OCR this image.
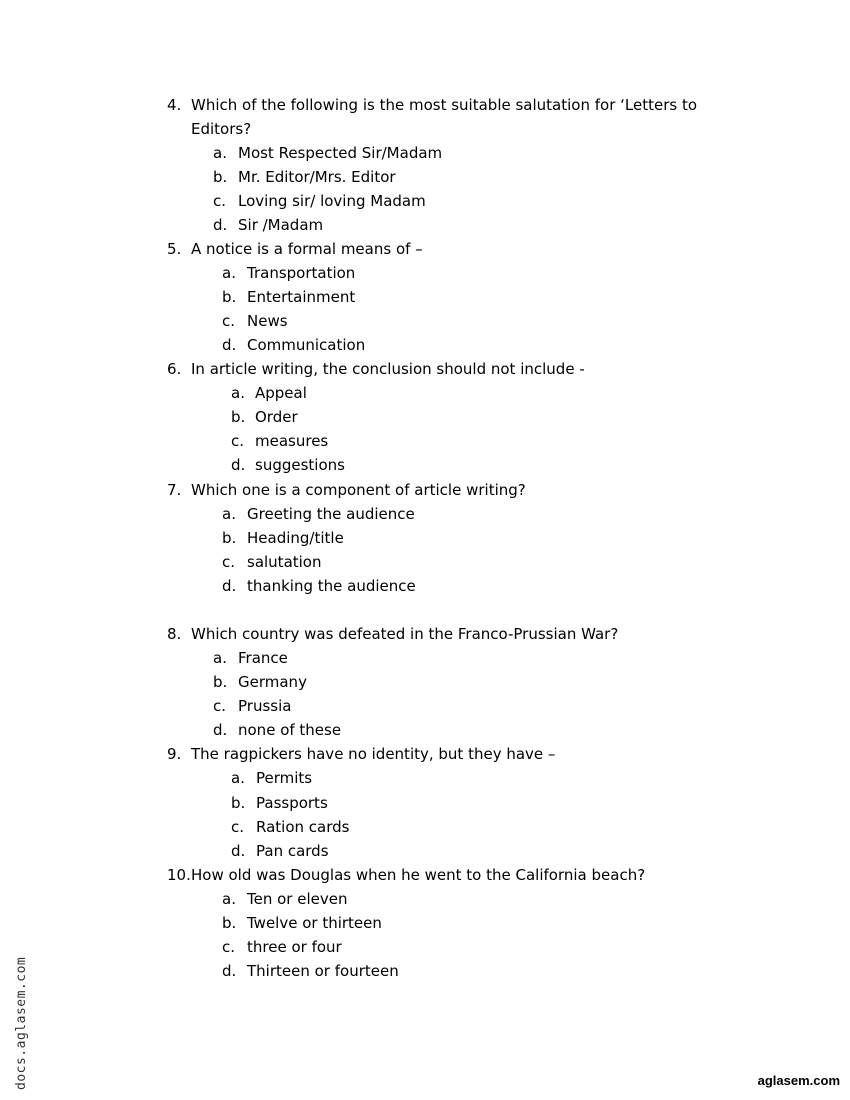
docs.aglasem.com	aglasem.com
4. Which of the following is the most suitable salutation for ‘Letters to
Editors?
a. Most Respected Sir/Madam
b. Mr. Editor/Mrs. Editor
c. Loving sir/ loving Madam
d. Sir /Madam
5. A notice is a formal means of –
a. Transportation
b. Entertainment
c. News
d. Communication
6. In article writing, the conclusion should not include -
a. Appeal
b. Order
c. measures
d. suggestions
7. Which one is a component of article writing?
a. Greeting the audience
b. Heading/title
c. salutation
d. thanking the audience
8. Which country was defeated in the Franco-Prussian War?
a. France
b. Germany
c. Prussia
d. none of these
9. The ragpickers have no identity, but they have –
a. Permits
b. Passports
c. Ration cards
d. Pan cards
10. How old was Douglas when he went to the California beach?
a. Ten or eleven
b. Twelve or thirteen
c. three or four
d. Thirteen or fourteen
